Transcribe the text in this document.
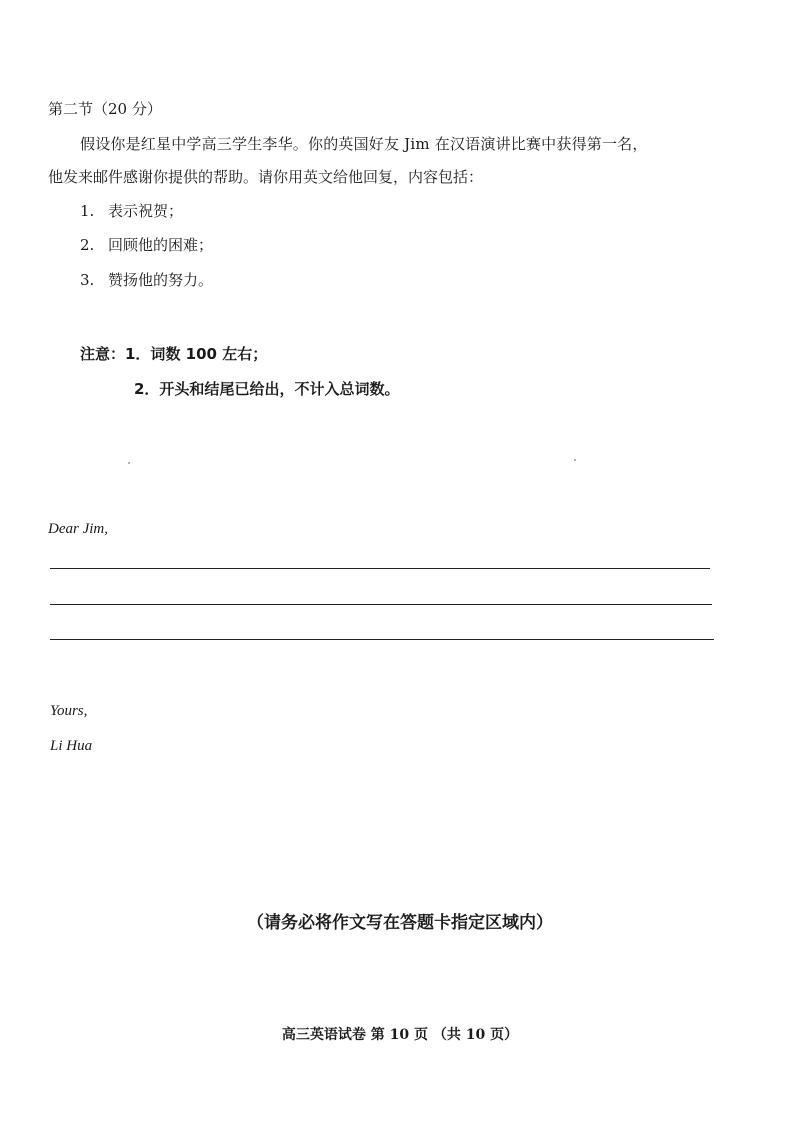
第二节（20 分）
假设你是红星中学高三学生李华。你的英国好友 Jim 在汉语演讲比赛中获得第一名，
他发来邮件感谢你提供的帮助。请你用英文给他回复，内容包括：
1. 表示祝贺；
2. 回顾他的困难；
3. 赞扬他的努力。
注意：1．词数 100 左右；
2．开头和结尾已给出，不计入总词数。
Dear Jim,
Yours,
Li Hua
（请务必将作文写在答题卡指定区域内）
高三英语试卷 第 10 页 （共 10 页）
